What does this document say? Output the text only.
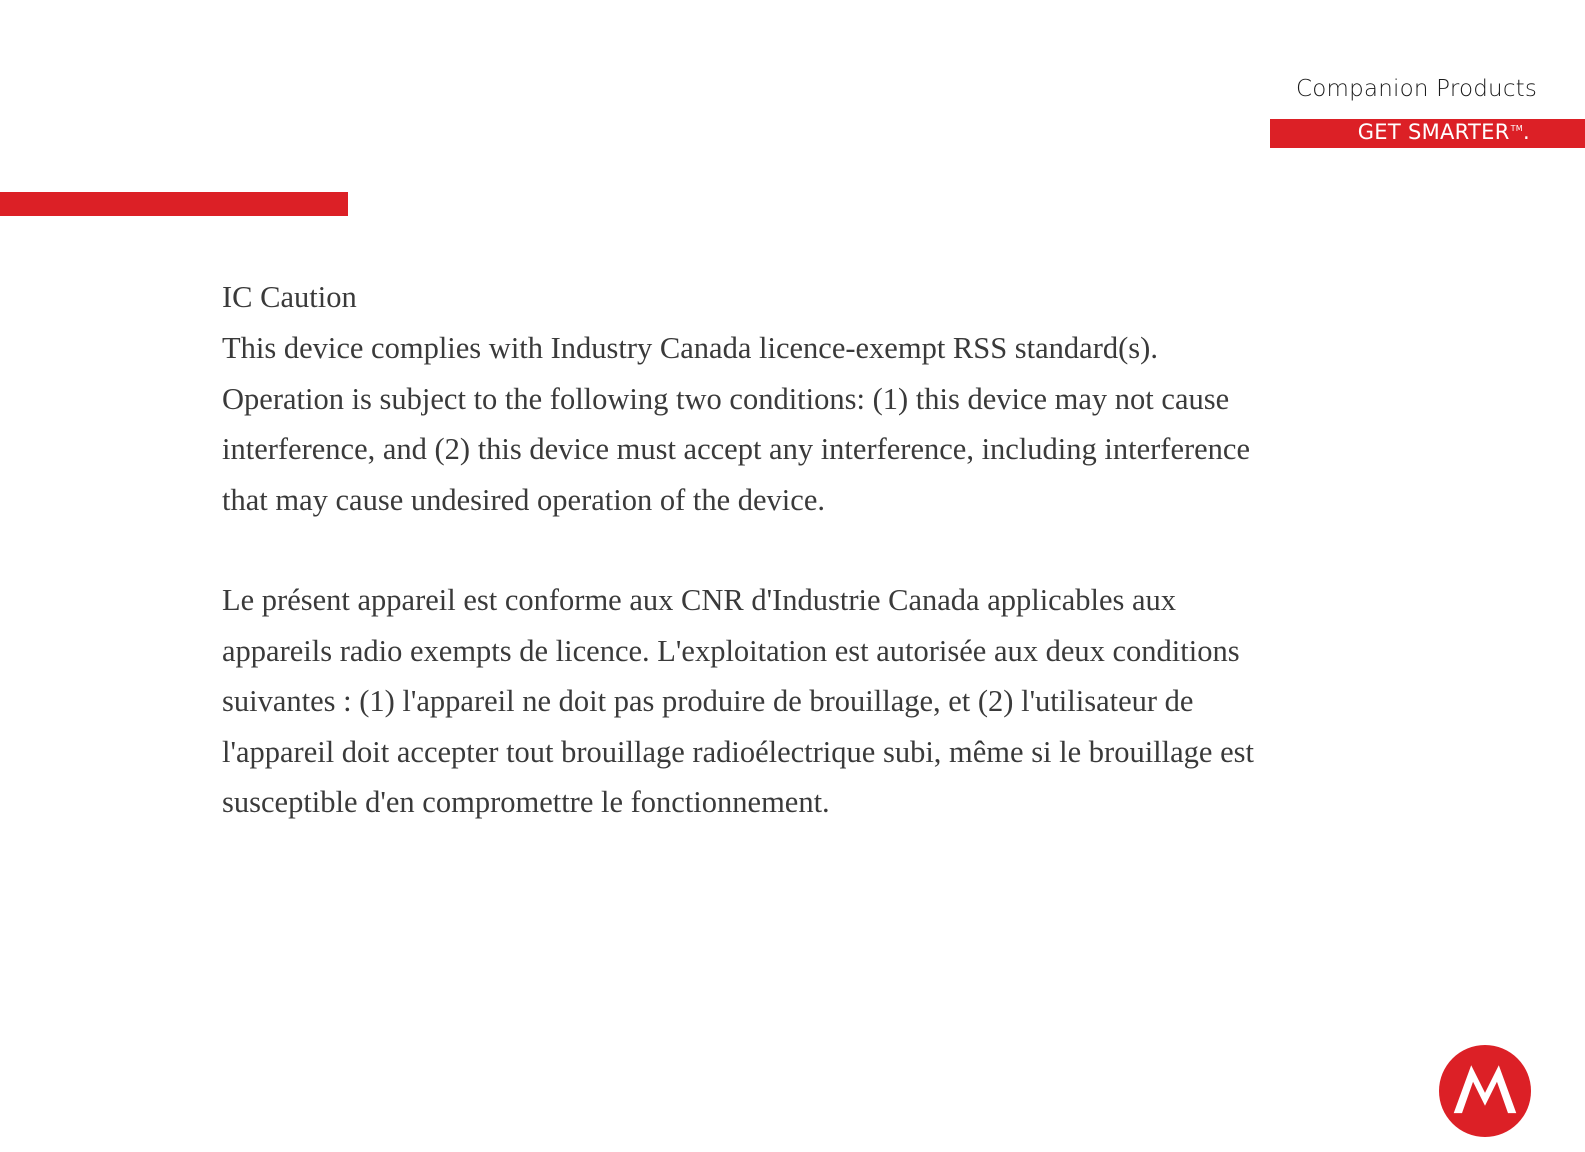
Companion Products
GET SMARTER™.
IC Caution

This device complies with Industry Canada licence-exempt RSS standard(s).
Operation is subject to the following two conditions: (1) this device may not cause
interference, and (2) this device must accept any interference, including interference
that may cause undesired operation of the device.

Le présent appareil est conforme aux CNR d'Industrie Canada applicables aux
appareils radio exempts de licence. L'exploitation est autorisée aux deux conditions
suivantes : (1) l'appareil ne doit pas produire de brouillage, et (2) l'utilisateur de
l'appareil doit accepter tout brouillage radioélectrique subi, même si le brouillage est
susceptible d'en compromettre le fonctionnement.
